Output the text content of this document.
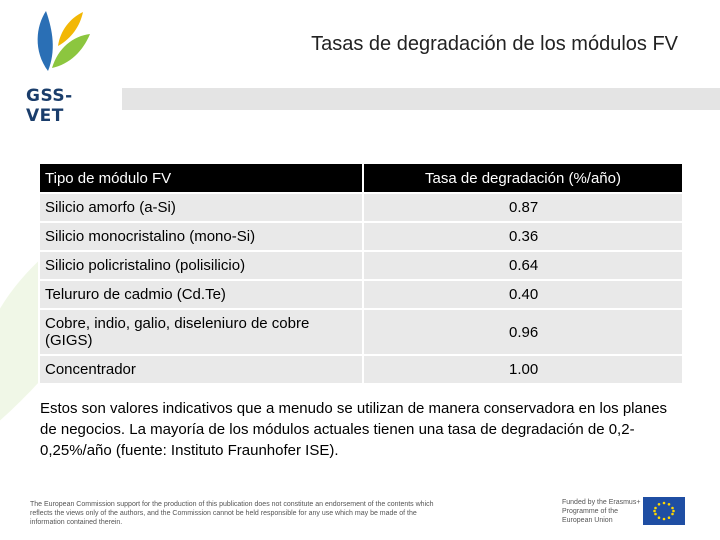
GSS-VET
Tasas de degradación de los módulos FV
Tipo de módulo FV	Tasa de degradación (%/año)
Silicio amorfo (a-Si)	0.87
Silicio monocristalino (mono-Si)	0.36
Silicio policristalino (polisilicio)	0.64
Telururo de cadmio (Cd.Te)	0.40
Cobre, indio, galio, diseleniuro de cobre (GIGS)	0.96
Concentrador	1.00
Estos son valores indicativos que a menudo se utilizan de manera conservadora en los planes de negocios. La mayoría de los módulos actuales tienen una tasa de degradación de 0,2-0,25%/año (fuente: Instituto Fraunhofer ISE).
The European Commission support for the production of this publication does not constitute an endorsement of the contents which reflects the views only of the authors, and the Commission cannot be held responsible for any use which may be made of the information contained therein.
Funded by the Erasmus+ Programme of the European Union
